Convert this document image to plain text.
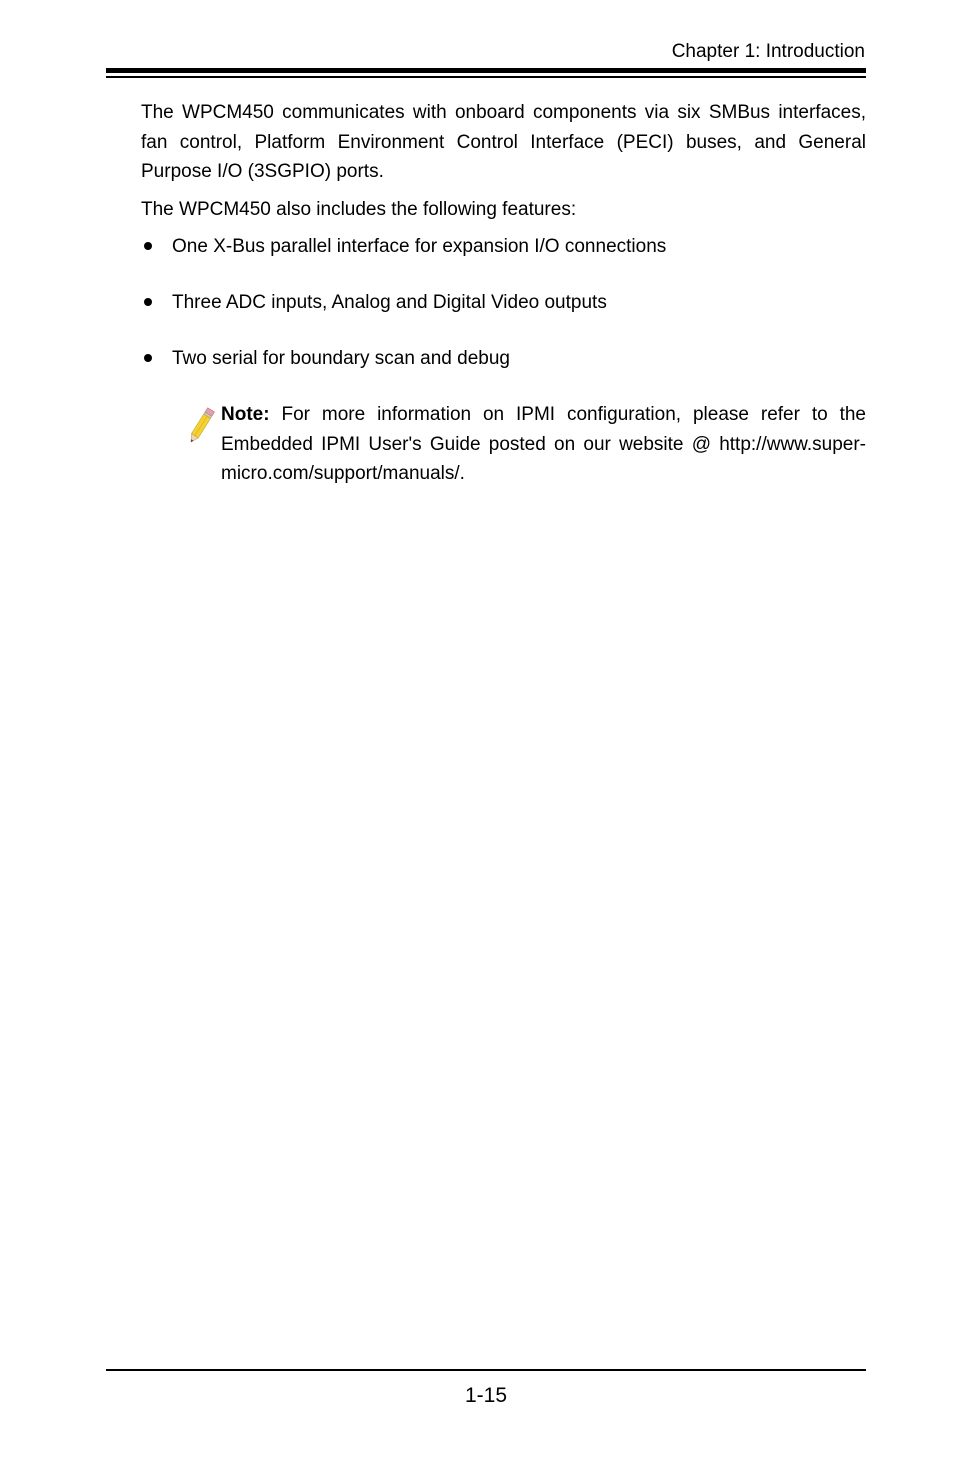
Chapter 1: Introduction

The WPCM450 communicates with onboard components via six SMBus interfaces, fan control, Platform Environment Control Interface (PECI) buses, and General Purpose I/O (3SGPIO) ports.

The WPCM450 also includes the following features:

One X-Bus parallel interface for expansion I/O connections
Three ADC inputs, Analog and Digital Video outputs
Two serial for boundary scan and debug

Note: For more information on IPMI configuration, please refer to the Embedded IPMI User's Guide posted on our website @ http://www.super-micro.com/support/manuals/.

1-15
